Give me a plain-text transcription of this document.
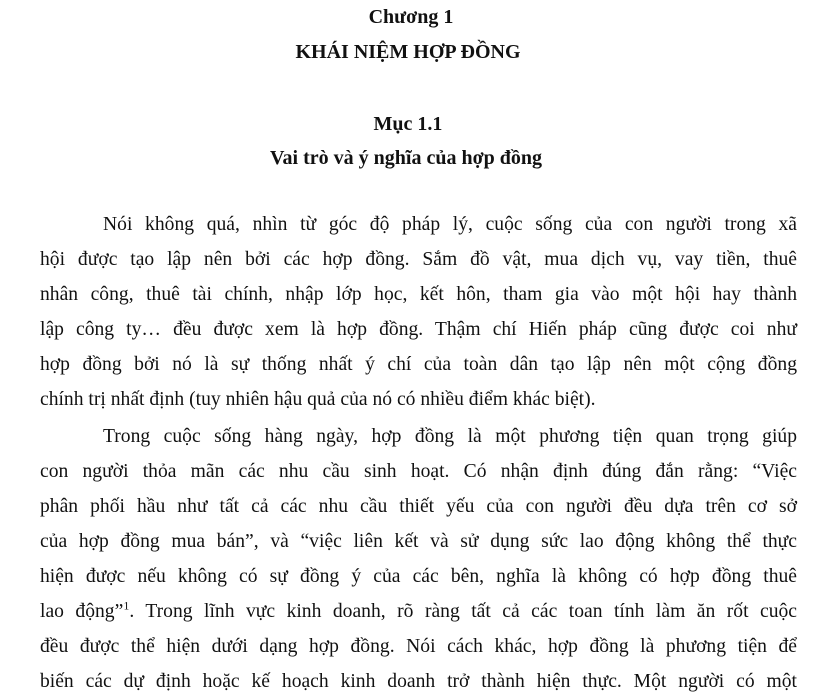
Chương 1
KHÁI NIỆM HỢP ĐỒNG
Mục 1.1
Vai trò và ý nghĩa của hợp đồng
Nói không quá, nhìn từ góc độ pháp lý, cuộc sống của con người trong xã
hội được tạo lập nên bởi các hợp đồng. Sắm đồ vật, mua dịch vụ, vay tiền, thuê
nhân công, thuê tài chính, nhập lớp học, kết hôn, tham gia vào một hội hay thành
lập công ty… đều được xem là hợp đồng. Thậm chí Hiến pháp cũng được coi như
hợp đồng bởi nó là sự thống nhất ý chí của toàn dân tạo lập nên một cộng đồng
chính trị nhất định (tuy nhiên hậu quả của nó có nhiều điểm khác biệt).
Trong cuộc sống hàng ngày, hợp đồng là một phương tiện quan trọng giúp
con người thỏa mãn các nhu cầu sinh hoạt. Có nhận định đúng đắn rằng: “Việc
phân phối hầu như tất cả các nhu cầu thiết yếu của con người đều dựa trên cơ sở
của hợp đồng mua bán”, và “việc liên kết và sử dụng sức lao động không thể thực
hiện được nếu không có sự đồng ý của các bên, nghĩa là không có hợp đồng thuê
lao động”$^1$. Trong lĩnh vực kinh doanh, rõ ràng tất cả các toan tính làm ăn rốt cuộc
đều được thể hiện dưới dạng hợp đồng. Nói cách khác, hợp đồng là phương tiện để
biến các dự định hoặc kế hoạch kinh doanh trở thành hiện thực. Một người có một
